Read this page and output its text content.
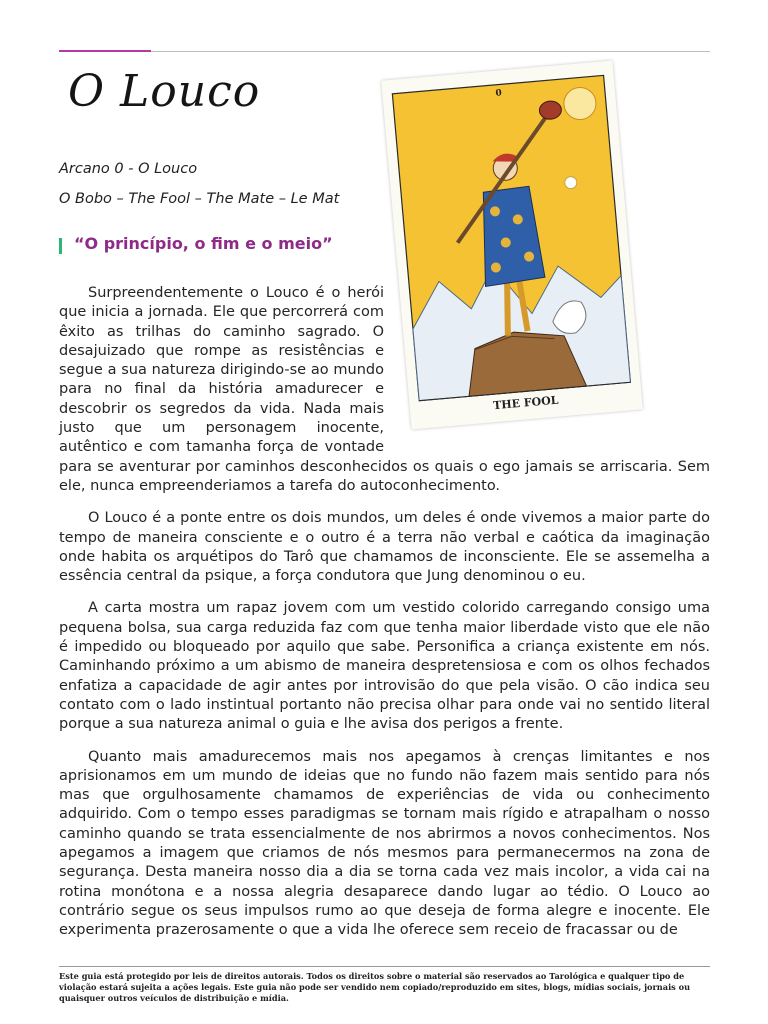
O Louco
Arcano 0 - O Louco
O Bobo – The Fool – The Mate – Le Mat
“O princípio, o fim e o meio”
0
THE FOOL

Surpreendentemente o Louco é o herói que inicia a jornada. Ele que percorrerá com êxito as trilhas do caminho sagrado. O desajuizado que rompe as resistências e segue a sua natureza dirigindo-se ao mundo para no final da história amadurecer e descobrir os segredos da vida. Nada mais justo que um personagem inocente, autêntico e com tamanha força de vontade para se aventurar por caminhos desconhecidos os quais o ego jamais se arriscaria. Sem ele, nunca empreenderiamos a tarefa do autoconhecimento.

O Louco é a ponte entre os dois mundos, um deles é onde vivemos a maior parte do tempo de maneira consciente e o outro é a terra não verbal e caótica da imaginação onde habita os arquétipos do Tarô que chamamos de inconsciente. Ele se assemelha a essência central da psique, a força condutora que Jung denominou o eu.

A carta mostra um rapaz jovem com um vestido colorido carregando consigo uma pequena bolsa, sua carga reduzida faz com que tenha maior liberdade visto que ele não é impedido ou bloqueado por aquilo que sabe. Personifica a criança existente em nós. Caminhando próximo a um abismo de maneira despretensiosa e com os olhos fechados enfatiza a capacidade de agir antes por introvisão do que pela visão. O cão indica seu contato com o lado instintual portanto não precisa olhar para onde vai no sentido literal porque a sua natureza animal o guia e lhe avisa dos perigos a frente.

Quanto mais amadurecemos mais nos apegamos à crenças limitantes e nos aprisionamos em um mundo de ideias que no fundo não fazem mais sentido para nós mas que orgulhosamente chamamos de experiências de vida ou conhecimento adquirido. Com o tempo esses paradigmas se tornam mais rígido e atrapalham o nosso caminho quando se trata essencialmente de nos abrirmos a novos conhecimentos. Nos apegamos a imagem que criamos de nós mesmos para permanecermos na zona de segurança. Desta maneira nosso dia a dia se torna cada vez mais incolor, a vida cai na rotina monótona e a nossa alegria desaparece dando lugar ao tédio. O Louco ao contrário segue os seus impulsos rumo ao que deseja de forma alegre e inocente. Ele experimenta prazerosamente o que a vida lhe oferece sem receio de fracassar ou de

Este guia está protegido por leis de direitos autorais. Todos os direitos sobre o material são reservados ao Tarológica e qualquer tipo de violação estará sujeita a ações legais. Este guia não pode ser vendido nem copiado/reproduzido em sites, blogs, mídias sociais, jornais ou quaisquer outros veículos de distribuição e mídia.
